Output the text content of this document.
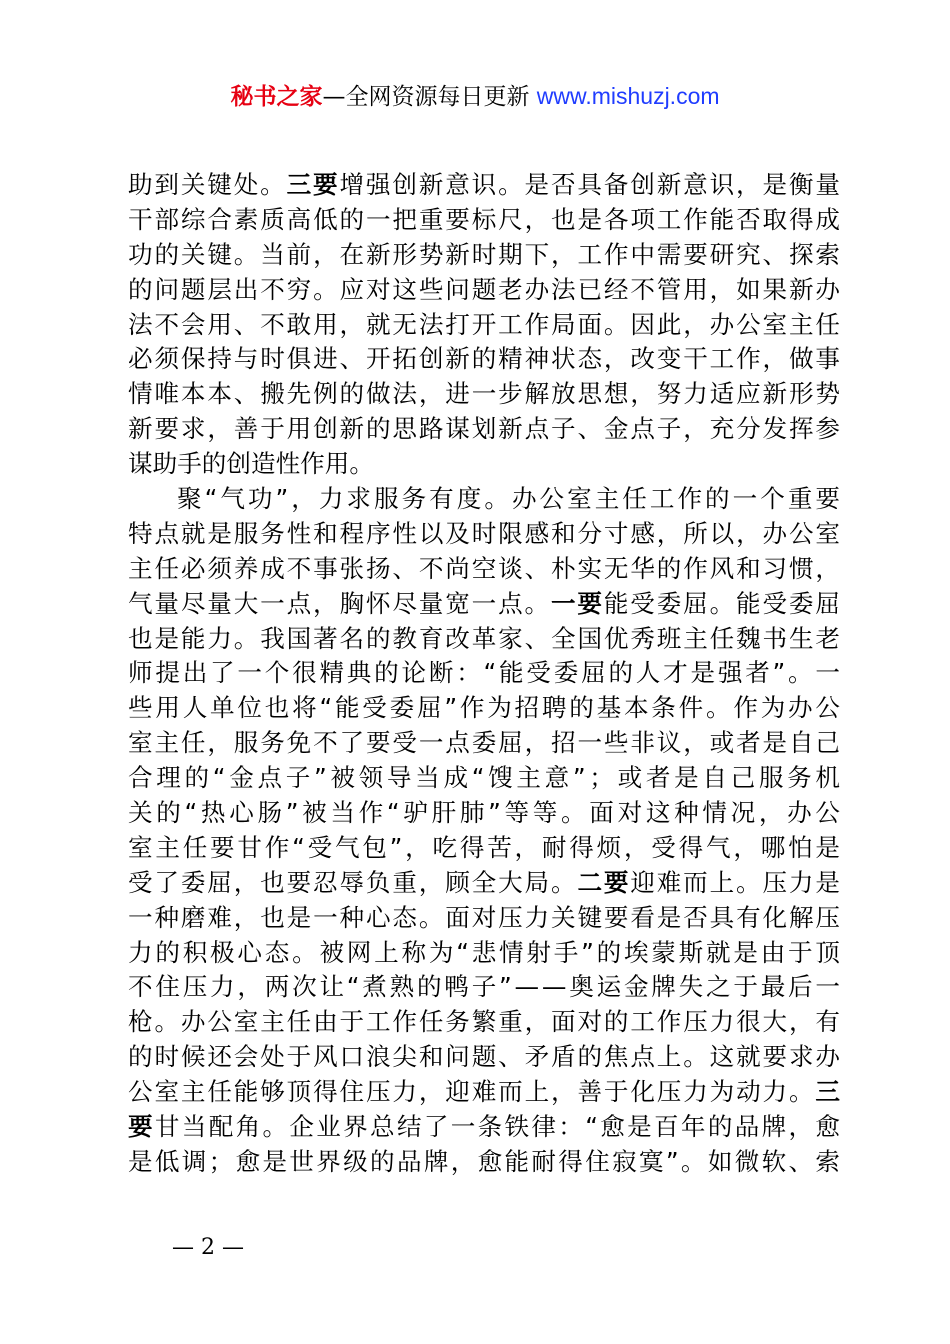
秘书之家—全网资源每日更新 www.mishuzj.com
助到关键处。三要增强创新意识。是否具备创新意识，是衡量
干部综合素质高低的一把重要标尺，也是各项工作能否取得成
功的关键。当前，在新形势新时期下，工作中需要研究、探索
的问题层出不穷。应对这些问题老办法已经不管用，如果新办
法不会用、不敢用，就无法打开工作局面。因此，办公室主任
必须保持与时俱进、开拓创新的精神状态，改变干工作，做事
情唯本本、搬先例的做法，进一步解放思想，努力适应新形势
新要求，善于用创新的思路谋划新点子、金点子，充分发挥参
谋助手的创造性作用。
聚“气功”，力求服务有度。办公室主任工作的一个重要
特点就是服务性和程序性以及时限感和分寸感，所以，办公室
主任必须养成不事张扬、不尚空谈、朴实无华的作风和习惯，
气量尽量大一点，胸怀尽量宽一点。一要能受委屈。能受委屈
也是能力。我国著名的教育改革家、全国优秀班主任魏书生老
师提出了一个很精典的论断：“能受委屈的人才是强者”。一
些用人单位也将“能受委屈”作为招聘的基本条件。作为办公
室主任，服务免不了要受一点委屈，招一些非议，或者是自己
合理的“金点子”被领导当成“馊主意”；或者是自己服务机
关的“热心肠”被当作“驴肝肺”等等。面对这种情况，办公
室主任要甘作“受气包”，吃得苦，耐得烦，受得气，哪怕是
受了委屈，也要忍辱负重，顾全大局。二要迎难而上。压力是
一种磨难，也是一种心态。面对压力关键要看是否具有化解压
力的积极心态。被网上称为“悲情射手”的埃蒙斯就是由于顶
不住压力，两次让“煮熟的鸭子”——奥运金牌失之于最后一
枪。办公室主任由于工作任务繁重，面对的工作压力很大，有
的时候还会处于风口浪尖和问题、矛盾的焦点上。这就要求办
公室主任能够顶得住压力，迎难而上，善于化压力为动力。三
要甘当配角。企业界总结了一条铁律：“愈是百年的品牌，愈
是低调；愈是世界级的品牌，愈能耐得住寂寞”。如微软、索
— 2 —
